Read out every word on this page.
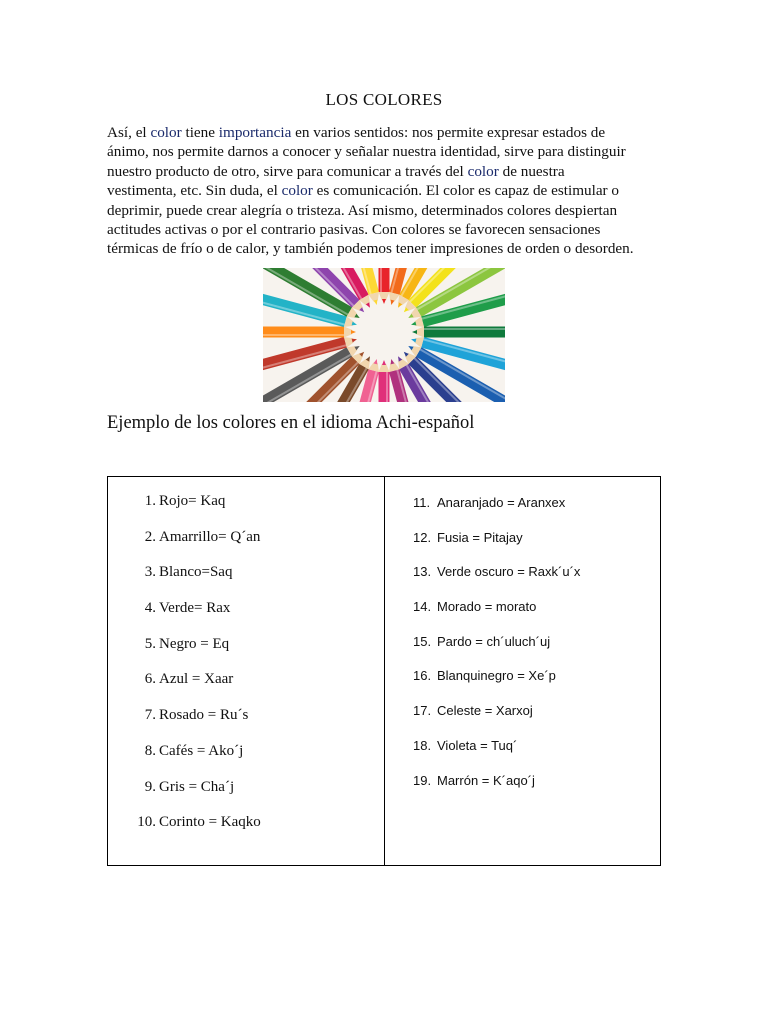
LOS COLORES

Así, el color tiene importancia en varios sentidos: nos permite expresar estados de ánimo, nos permite darnos a conocer y señalar nuestra identidad, sirve para distinguir nuestro producto de otro, sirve para comunicar a través del color de nuestra vestimenta, etc. Sin duda, el color es comunicación. El color es capaz de estimular o deprimir, puede crear alegría o tristeza. Así mismo, determinados colores despiertan actitudes activas o por el contrario pasivas. Con colores se favorecen sensaciones térmicas de frío o de calor, y también podemos tener impresiones de orden o desorden.

Ejemplo de los colores en el idioma Achi-español
1. Rojo= Kaq
2. Amarrillo= Q´an
3. Blanco=Saq
4. Verde= Rax
5. Negro = Eq
6. Azul = Xaar
7. Rosado = Ru´s
8. Cafés = Ako´j
9. Gris = Cha´j
10. Corinto = Kaqko
11. Anaranjado = Aranxex
12. Fusia = Pitajay
13. Verde oscuro = Raxk´u´x
14. Morado = morato
15. Pardo = ch´uluch´uj
16. Blanquinegro = Xe´p
17. Celeste = Xarxoj
18. Violeta = Tuq´
19. Marrón = K´aqo´j
